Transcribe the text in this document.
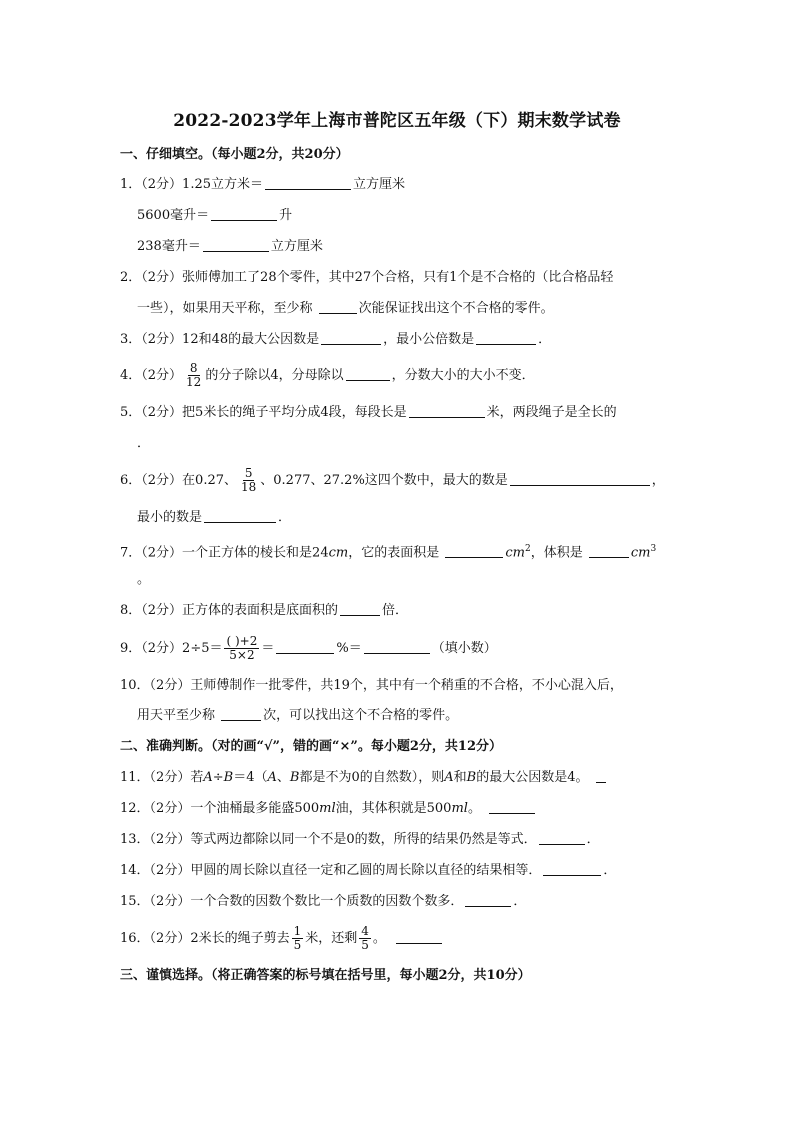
2022-2023学年上海市普陀区五年级（下）期末数学试卷
一、仔细填空。（每小题2分，共20分）
1．（2分）1.25立方米＝	立方厘米
5600毫升＝	升
238毫升＝	立方厘米
2．（2分）张师傅加工了28个零件，其中27个合格，只有1个是不合格的（比合格品轻
一些），如果用天平称，至少称	次能保证找出这个不合格的零件。
3．（2分）12和48的最大公因数是	，最小公倍数是	．
4．（2分） $\frac{8}{12}$ 的分子除以4，分母除以	，分数大小的大小不变．
5．（2分）把5米长的绳子平均分成4段，每段长是	米，两段绳子是全长的
．
6．（2分）在0.27、 $\frac{5}{18}$ 、0.277、27.2%这四个数中，最大的数是	，
最小的数是	．
7．（2分）一个正方体的棱长和是24cm，它的表面积是	$cm^2$，体积是	$cm^3$
。
8．（2分）正方体的表面积是底面积的	倍．
9．（2分）$2\div 5= \frac{( )+2}{5\times 2}$ ＝	%＝	（填小数）
10．（2分）王师傅制作一批零件，共19个，其中有一个稍重的不合格，不小心混入后，
用天平至少称	次，可以找出这个不合格的零件。
二、准确判断。（对的画“√”，错的画“×”。每小题2分，共12分）
11．（2分）若A÷B＝4（A、B都是不为0的自然数），则A和B的最大公因数是4。
12．（2分）一个油桶最多能盛500ml油，其体积就是500ml。
13．（2分）等式两边都除以同一个不是0的数，所得的结果仍然是等式．	．
14．（2分）甲圆的周长除以直径一定和乙圆的周长除以直径的结果相等．	．
15．（2分）一个合数的因数个数比一个质数的因数个数多．	．
16．（2分）2米长的绳子剪去 $\frac{1}{5}$ 米，还剩 $\frac{4}{5}$ 。
三、谨慎选择。（将正确答案的标号填在括号里，每小题2分，共10分）
